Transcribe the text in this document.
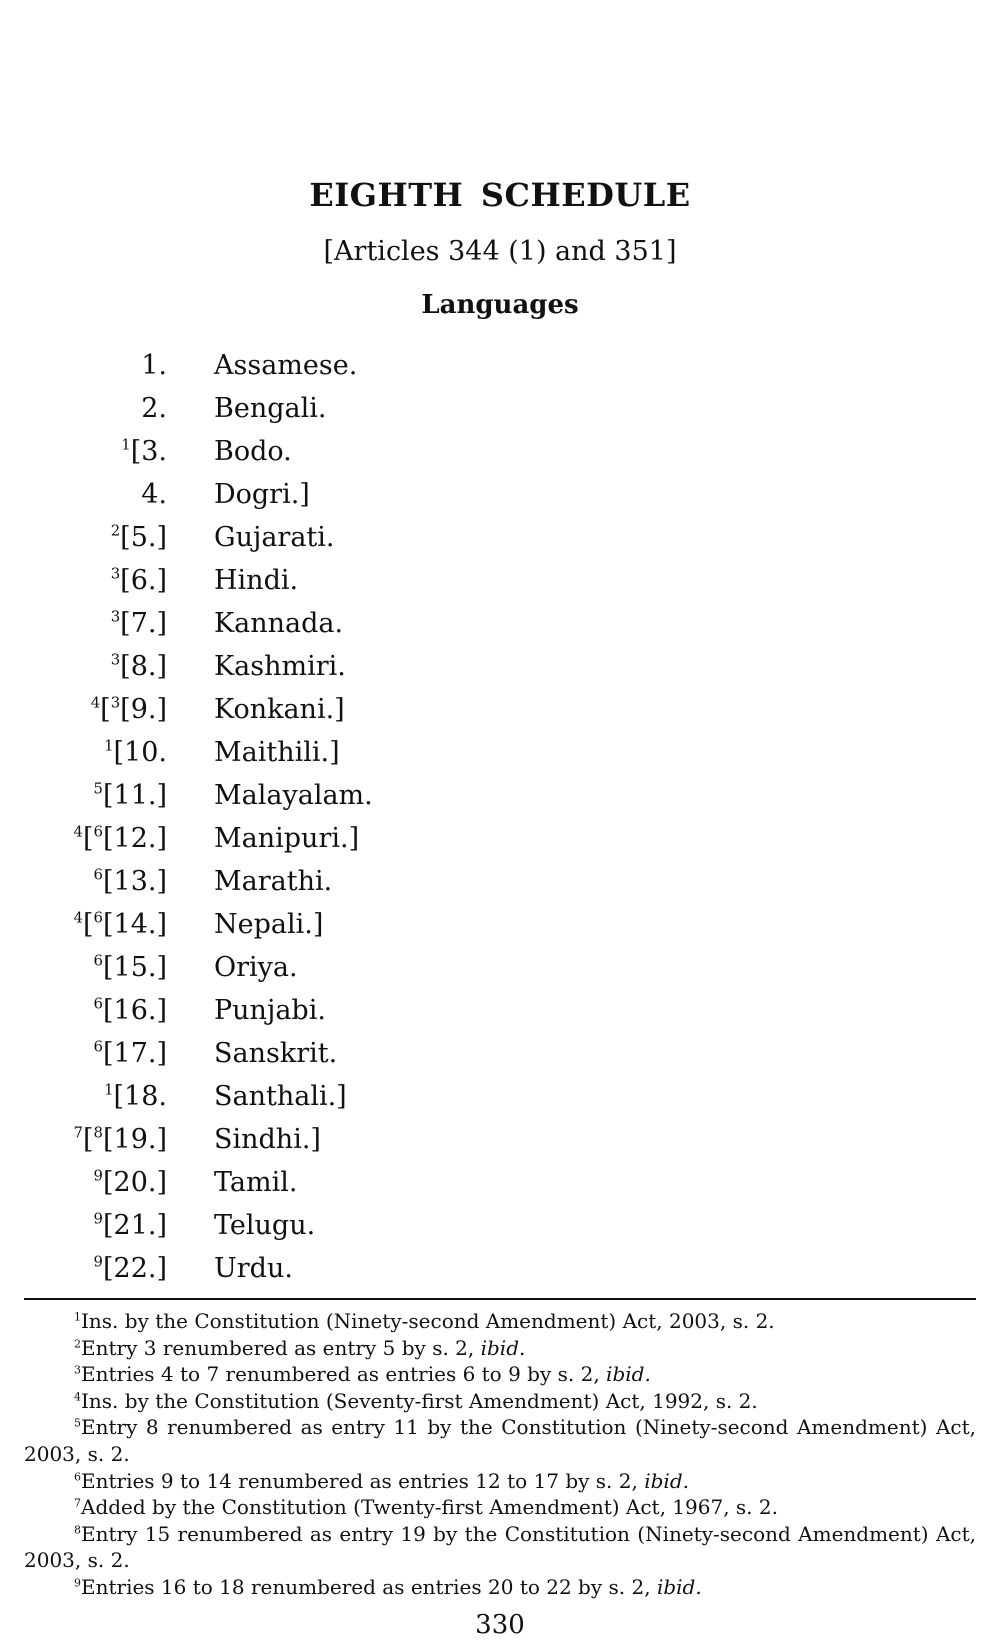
EIGHTH SCHEDULE
[Articles 344 (1) and 351]
Languages
1. Assamese.
2. Bengali.
$^1$[3. Bodo.
4. Dogri.]
$^2$[5.] Gujarati.
$^3$[6.] Hindi.
$^3$[7.] Kannada.
$^3$[8.] Kashmiri.
$^4$[$^3$[9.] Konkani.]
$^1$[10. Maithili.]
$^5$[11.] Malayalam.
$^4$[$^6$[12.] Manipuri.]
$^6$[13.] Marathi.
$^4$[$^6$[14.] Nepali.]
$^6$[15.] Oriya.
$^6$[16.] Punjabi.
$^6$[17.] Sanskrit.
$^1$[18. Santhali.]
$^7$[$^8$[19.] Sindhi.]
$^9$[20.] Tamil.
$^9$[21.] Telugu.
$^9$[22.] Urdu.

$^1$Ins. by the Constitution (Ninety-second Amendment) Act, 2003, s. 2.

$^2$Entry 3 renumbered as entry 5 by s. 2, ibid.

$^3$Entries 4 to 7 renumbered as entries 6 to 9 by s. 2, ibid.

$^4$Ins. by the Constitution (Seventy-first Amendment) Act, 1992, s. 2.

$^5$Entry 8 renumbered as entry 11 by the Constitution (Ninety-second Amendment) Act, 2003, s. 2.

$^6$Entries 9 to 14 renumbered as entries 12 to 17 by s. 2, ibid.

$^7$Added by the Constitution (Twenty-first Amendment) Act, 1967, s. 2.

$^8$Entry 15 renumbered as entry 19 by the Constitution (Ninety-second Amendment) Act, 2003, s. 2.

$^9$Entries 16 to 18 renumbered as entries 20 to 22 by s. 2, ibid.

330
